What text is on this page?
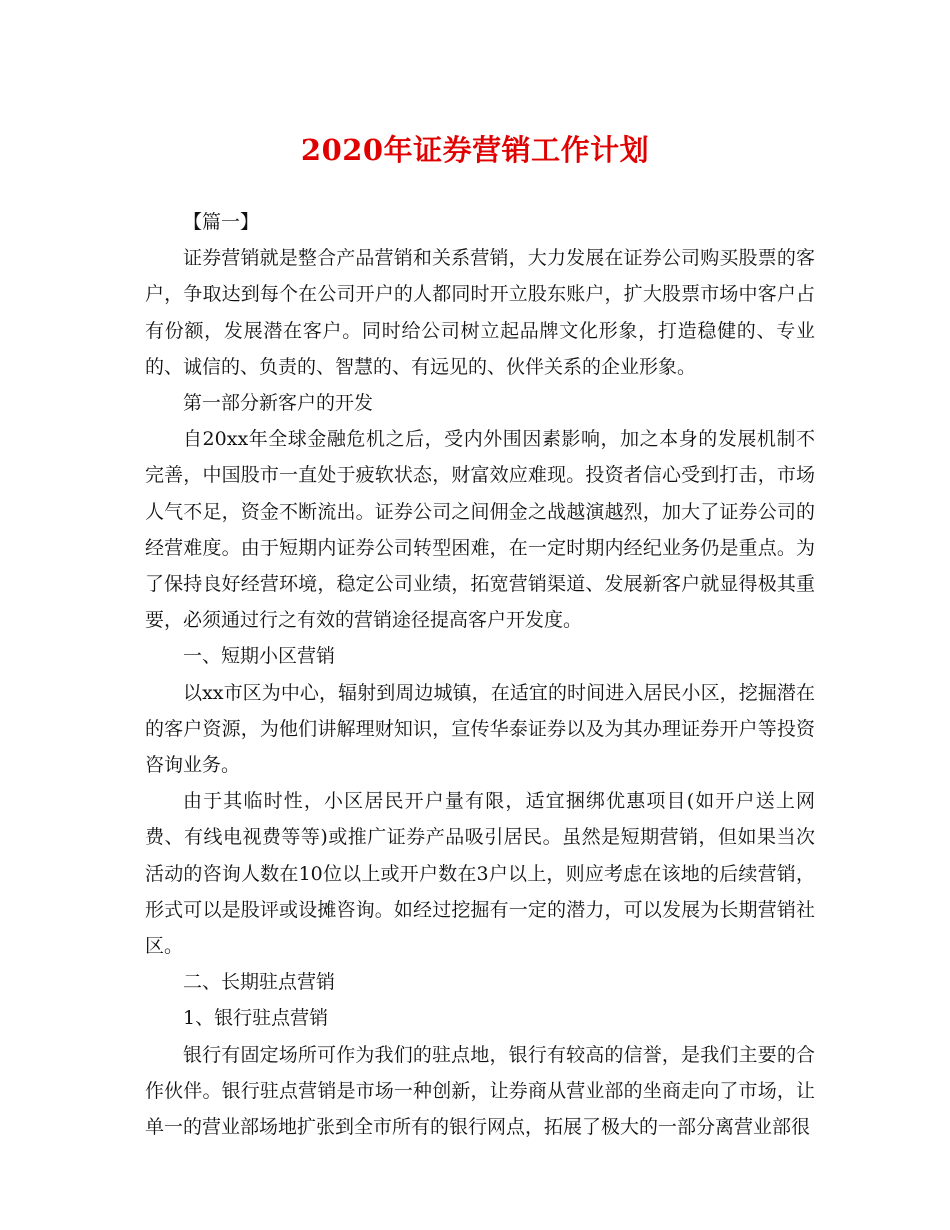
2020年证券营销工作计划

【篇一】

证券营销就是整合产品营销和关系营销，大力发展在证券公司购买股票的客户，争取达到每个在公司开户的人都同时开立股东账户，扩大股票市场中客户占有份额，发展潜在客户。同时给公司树立起品牌文化形象，打造稳健的、专业的、诚信的、负责的、智慧的、有远见的、伙伴关系的企业形象。

第一部分新客户的开发

自20xx年全球金融危机之后，受内外围因素影响，加之本身的发展机制不完善，中国股市一直处于疲软状态，财富效应难现。投资者信心受到打击，市场人气不足，资金不断流出。证券公司之间佣金之战越演越烈，加大了证券公司的经营难度。由于短期内证券公司转型困难，在一定时期内经纪业务仍是重点。为了保持良好经营环境，稳定公司业绩，拓宽营销渠道、发展新客户就显得极其重要，必须通过行之有效的营销途径提高客户开发度。

一、短期小区营销

以xx市区为中心，辐射到周边城镇，在适宜的时间进入居民小区，挖掘潜在的客户资源，为他们讲解理财知识，宣传华泰证券以及为其办理证券开户等投资咨询业务。

由于其临时性，小区居民开户量有限，适宜捆绑优惠项目(如开户送上网费、有线电视费等等)或推广证券产品吸引居民。虽然是短期营销，但如果当次活动的咨询人数在10位以上或开户数在3户以上，则应考虑在该地的后续营销，形式可以是股评或设摊咨询。如经过挖掘有一定的潜力，可以发展为长期营销社区。

二、长期驻点营销

1、银行驻点营销

银行有固定场所可作为我们的驻点地，银行有较高的信誉，是我们主要的合作伙伴。银行驻点营销是市场一种创新，让券商从营业部的坐商走向了市场，让单一的营业部场地扩张到全市所有的银行网点，拓展了极大的一部分离营业部很
